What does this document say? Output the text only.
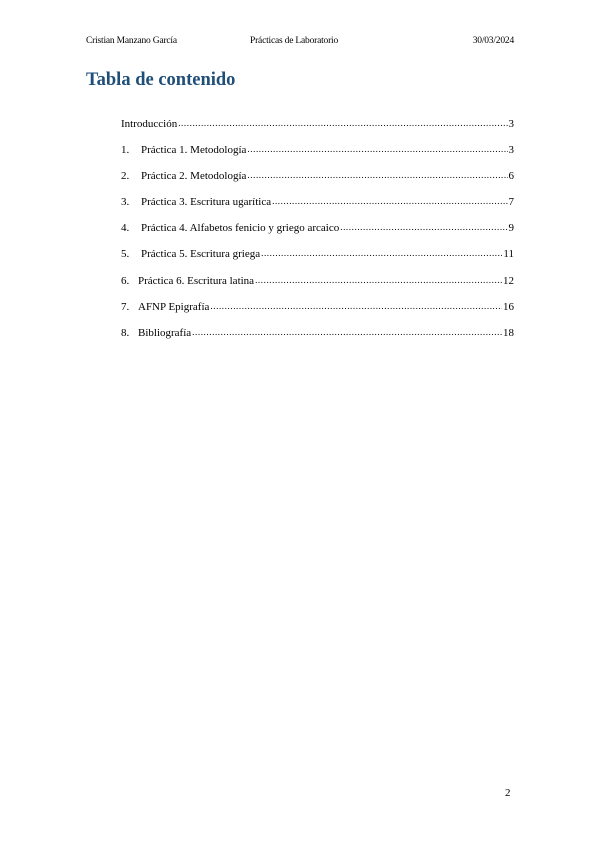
Cristian Manzano García	Prácticas de Laboratorio	30/03/2024
Tabla de contenido
Introducción .....	3
1.	Práctica 1. Metodología .....	3
2.	Práctica 2. Metodología .....	6
3.	Práctica 3. Escritura ugarítica .....	7
4.	Práctica 4. Alfabetos fenicio y griego arcaico .....	9
5.	Práctica 5. Escritura griega .....	11
6. Práctica 6. Escritura latina .....	12
7. AFNP Epigrafía .....	16
8. Bibliografía .....	18
2
